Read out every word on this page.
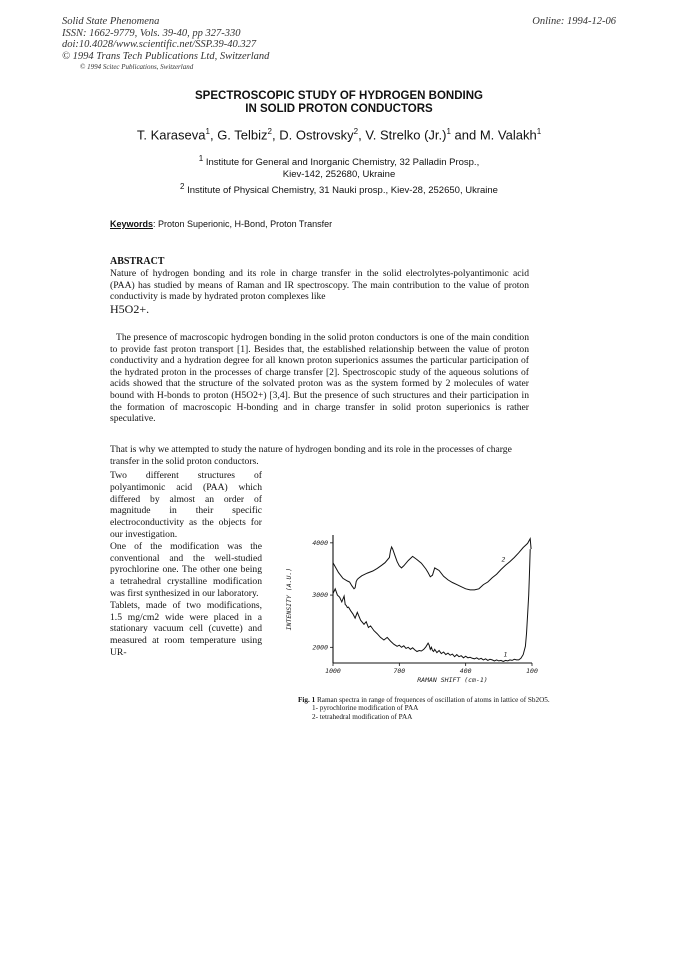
Solid State Phenomena
ISSN: 1662-9779, Vols. 39-40, pp 327-330
doi:10.4028/www.scientific.net/SSP.39-40.327
© 1994 Trans Tech Publications Ltd, Switzerland
© 1994 Scitec Publications, Switzerland
Online: 1994-12-06
SPECTROSCOPIC STUDY OF HYDROGEN BONDING
IN SOLID PROTON CONDUCTORS
T. Karaseva$^1$, G. Telbiz$^2$, D. Ostrovsky$^2$, V. Strelko $(Jr.)^1$ and M. Valakh$^1$
$^1$ Institute for General and Inorganic Chemistry, 32 Palladin Prosp.,
Kiev-142, 252680, Ukraine
$^2$ Institute of Physical Chemistry, 31 Nauki prosp., Kiev-28, 252650, Ukraine
Keywords: Proton Superionic, H-Bond, Proton Transfer
ABSTRACT
Nature of hydrogen bonding and its role in charge transfer in the solid electrolytes-polyantimonic acid (PAA) has studied by means of Raman and IR spectroscopy. The main contribution to the value of proton conductivity is made by hydrated proton complexes like
H5O2+.
The presence of macroscopic hydrogen bonding in the solid proton conductors is one of the main condition to provide fast proton transport [1]. Besides that, the established relationship between the value of proton conductivity and a hydration degree for all known proton superionics assumes the particular participation of the hydrated proton in the processes of charge transfer [2]. Spectroscopic study of the aqueous solutions of acids showed that the structure of the solvated proton was as the system formed by 2 molecules of water bound with H-bonds to proton (H5O2+) [3,4]. But the presence of such structures and their participation in the formation of macroscopic H-bonding and in charge transfer in solid proton superionics is rather speculative.
That is why we attempted to study the nature of hydrogen bonding and its role in the processes of charge transfer in the solid proton conductors.
Two different structures of polyantimonic acid (PAA) which differed by almost an order of magnitude in their specific electroconductivity as the objects for our investigation.
One of the modification was the conventional and the well-studied pyrochlorine one. The other one being a tetrahedral crystalline modification was first synthesized in our laboratory.
Tablets, made of two modifications, 1.5 mg/cm2 wide were placed in a stationary vacuum cell (cuvette) and measured at room temperature using UR-
1000	700	400	100
4000
3000
2000
2
1
RAMAN SHIFT (cm-1)
INTENSITY (A.U.)
Fig. 1 Raman spectra in range of frequences of oscillation of atoms in lattice of Sb2O5.
1- pyrochlorine modification of PAA
2- tetrahedral modification of PAA
